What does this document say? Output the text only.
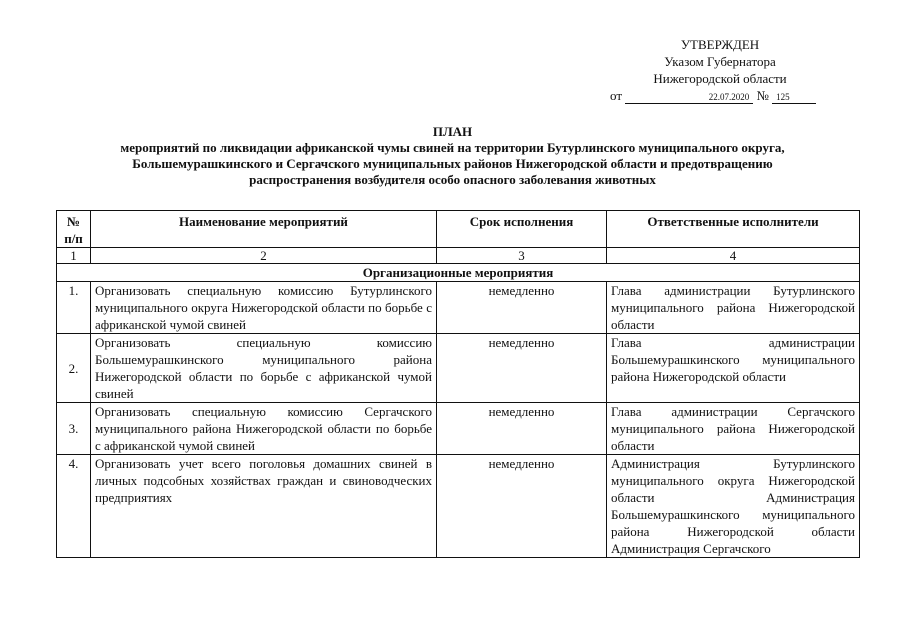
УТВЕРЖДЕН
Указом Губернатора
Нижегородской области
от	22.07.2020 № 125
ПЛАН
мероприятий по ликвидации африканской чумы свиней на территории Бутурлинского муниципального округа,
Большемурашкинского и Сергачского муниципальных районов Нижегородской области и предотвращению
распространения возбудителя особо опасного заболевания животных
№ п/п	Наименование мероприятий	Срок исполнения	Ответственные исполнители
1	2	3	4
Организационные мероприятия			
1.	Организовать специальную комиссию Бутурлинского муниципального округа Нижегородской области по борьбе с африканской чумой свиней	немедленно	Глава администрации Бутурлинского муниципального района Нижегородской области
2.	Организовать специальную комиссию Большемурашкинского муниципального района Нижегородской области по борьбе с африканской чумой свиней	немедленно	Глава администрации Большемурашкинского муниципального района Нижегородской области
3.	Организовать специальную комиссию Сергачского муниципального района Нижегородской области по борьбе с африканской чумой свиней	немедленно	Глава администрации Сергачского муниципального района Нижегородской области
4.	Организовать учет всего поголовья домашних свиней в личных подсобных хозяйствах граждан и свиноводческих предприятиях	немедленно	Администрация Бутурлинского муниципального округа Нижегородской области Администрация Большемурашкинского муниципального района Нижегородской области Администрация Сергачского
